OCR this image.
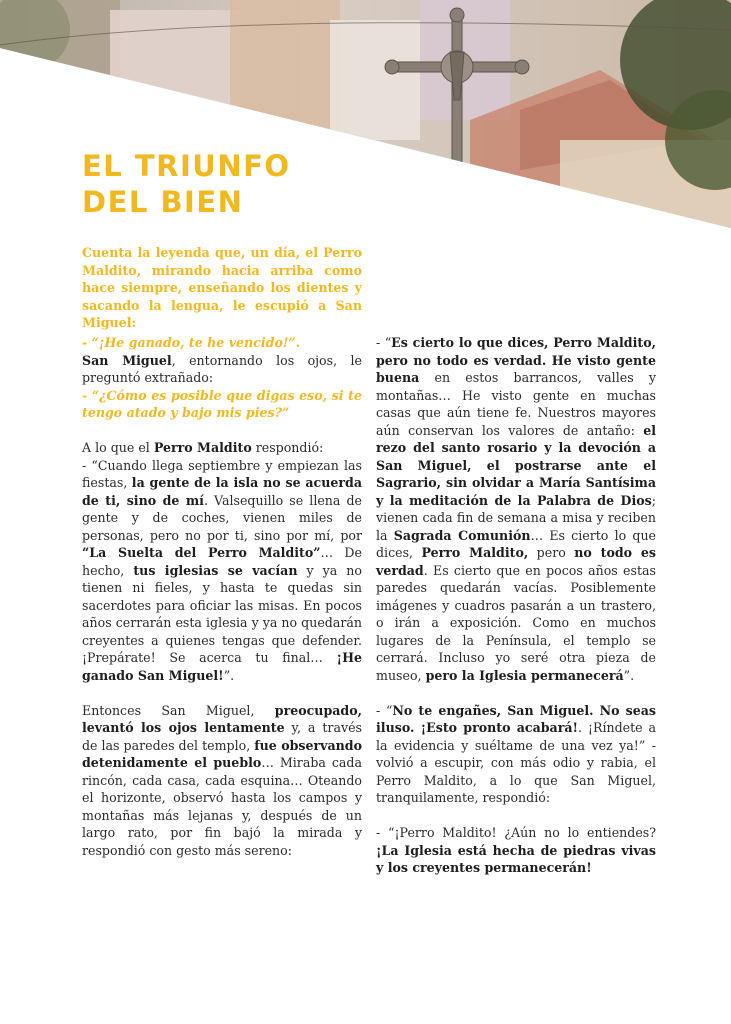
EL TRIUNFO
DEL BIEN

Cuenta la leyenda que, un día, el Perro Maldito, mirando hacia arriba como hace siempre, enseñando los dientes y sacando la lengua, le escupió a San Miguel:

- “¡He ganado, te he vencido!”.

San Miguel, entornando los ojos, le preguntó extrañado:

- “¿Cómo es posible que digas eso, si te tengo atado y bajo mis pies?”

A lo que el Perro Maldito respondió:

- “Cuando llega septiembre y empiezan las fiestas, la gente de la isla no se acuerda de ti, sino de mí. Valsequillo se llena de gente y de coches, vienen miles de personas, pero no por ti, sino por mí, por “La Suelta del Perro Maldito”… De hecho, tus iglesias se vacían y ya no tienen ni fieles, y hasta te quedas sin sacerdotes para oficiar las misas. En pocos años cerrarán esta iglesia y ya no quedarán creyentes a quienes tengas que defender. ¡Prepárate! Se acerca tu final… ¡He ganado San Miguel!”.

Entonces San Miguel, preocupado, levantó los ojos lentamente y, a través de las paredes del templo, fue observando detenidamente el pueblo… Miraba cada rincón, cada casa, cada esquina… Oteando el horizonte, observó hasta los campos y montañas más lejanas y, después de un largo rato, por fin bajó la mirada y respondió con gesto más sereno:

- “Es cierto lo que dices, Perro Maldito, pero no todo es verdad. He visto gente buena en estos barrancos, valles y montañas… He visto gente en muchas casas que aún tiene fe. Nuestros mayores aún conservan los valores de antaño: el rezo del santo rosario y la devoción a San Miguel, el postrarse ante el Sagrario, sin olvidar a María Santísima y la meditación de la Palabra de Dios; vienen cada fin de semana a misa y reciben la Sagrada Comunión… Es cierto lo que dices, Perro Maldito, pero no todo es verdad. Es cierto que en pocos años estas paredes quedarán vacías. Posiblemente imágenes y cuadros pasarán a un trastero, o irán a exposición. Como en muchos lugares de la Península, el templo se cerrará. Incluso yo seré otra pieza de museo, pero la Iglesia permanecerá”.

- “No te engañes, San Miguel. No seas iluso. ¡Esto pronto acabará!. ¡Ríndete a la evidencia y suéltame de una vez ya!” -volvió a escupir, con más odio y rabia, el Perro Maldito, a lo que San Miguel, tranquilamente, respondió:

- “¡Perro Maldito! ¿Aún no lo entiendes? ¡La Iglesia está hecha de piedras vivas y los creyentes permanecerán!
